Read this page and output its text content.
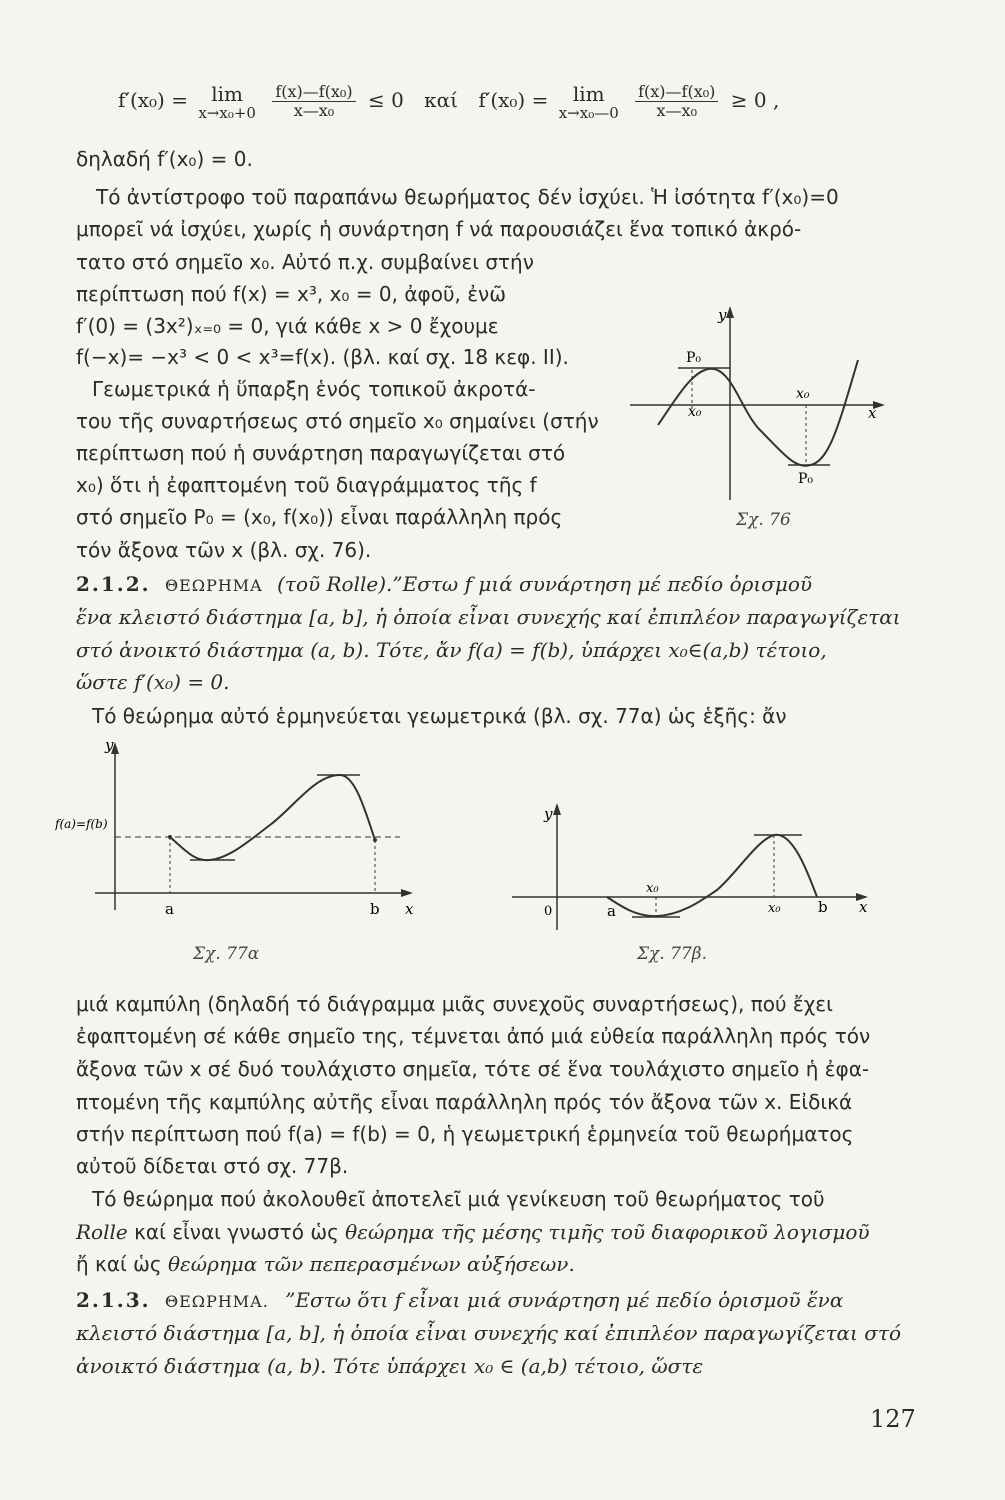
f′(x₀) =	lim
x→x₀+0
$\frac{\text{f(x)—f(x₀)}}{\text{x—x₀}} \le 0$ καί f′(x₀) =	lim
x→x₀—0
$\frac{\text{f(x)—f(x₀)}}{\text{x—x₀}} \ge 0$ ,
δηλαδή f′(x₀) = 0.
Τό ἀντίστροφο τοῦ παραπάνω θεωρήματος δέν ἰσχύει. Ἡ ἰσότητα f′(x₀)=0
μπορεῖ νά ἰσχύει, χωρίς ἡ συνάρτηση f νά παρουσιάζει ἕνα τοπικό ἀκρό-
τατο στό σημεῖο x₀. Αὐτό π.χ. συμβαίνει στήν
περίπτωση πού f(x) = x³, x₀ = 0, ἀφοῦ, ἐνῶ
f′(0) = (3x²)ₓ₌₀ = 0, γιά κάθε x > 0 ἔχουμε
f(−x)= −x³ < 0 < x³=f(x). (βλ. καί σχ. 18 κεφ. II).
Γεωμετρικά ἡ ὕπαρξη ἑνός τοπικοῦ ἀκροτά-
του τῆς συναρτήσεως στό σημεῖο x₀ σημαίνει (στήν
περίπτωση πού ἡ συνάρτηση παραγωγίζεται στό
x₀) ὅτι ἡ ἐφαπτομένη τοῦ διαγράμματος τῆς f
στό σημεῖο P₀ = (x₀, f(x₀)) εἶναι παράλληλη πρός
τόν ἄξονα τῶν x (βλ. σχ. 76).
y
x
P₀
P₀
x₀
x₀
Σχ. 76
2.1.2. ΘΕΩΡΗΜΑ (τοῦ Rolle).”Εστω f μιά συνάρτηση μέ πεδίο ὁρισμοῦ
ἕνα κλειστό διάστημα [a, b], ἡ ὁποία εἶναι συνεχής καί ἐπιπλέον παραγωγίζεται
στό ἀνοικτό διάστημα (a, b). Τότε, ἄν f(a) = f(b), ὑπάρχει x₀∈(a,b) τέτοιο,
ὥστε f′(x₀) = 0.
Τό θεώρημα αὐτό ἑρμηνεύεται γεωμετρικά (βλ. σχ. 77α) ὡς ἑξῆς: ἄν
y
f(a)=f(b)
a	b x
Σχ. 77α
y
0	a
x₀
x₀ b x
Σχ. 77β.
μιά καμπύλη (δηλαδή τό διάγραμμα μιᾶς συνεχοῦς συναρτήσεως), πού ἔχει
ἐφαπτομένη σέ κάθε σημεῖο της, τέμνεται ἀπό μιά εὐθεία παράλληλη πρός τόν
ἄξονα τῶν x σέ δυό τουλάχιστο σημεῖα, τότε σέ ἕνα τουλάχιστο σημεῖο ἡ ἐφα-
πτομένη τῆς καμπύλης αὐτῆς εἶναι παράλληλη πρός τόν ἄξονα τῶν x. Εἰδικά
στήν περίπτωση πού f(a) = f(b) = 0, ἡ γεωμετρική ἑρμηνεία τοῦ θεωρήματος
αὐτοῦ δίδεται στό σχ. 77β.
Τό θεώρημα πού ἀκολουθεῖ ἀποτελεῖ μιά γενίκευση τοῦ θεωρήματος τοῦ
Rolle καί εἶναι γνωστό ὡς θεώρημα τῆς μέσης τιμῆς τοῦ διαφορικοῦ λογισμοῦ
ἤ καί ὡς θεώρημα τῶν πεπερασμένων αὐξήσεων.
2.1.3. ΘΕΩΡΗΜΑ. ”Εστω ὅτι f εἶναι μιά συνάρτηση μέ πεδίο ὁρισμοῦ ἕνα
κλειστό διάστημα [a, b], ἡ ὁποία εἶναι συνεχής καί ἐπιπλέον παραγωγίζεται στό
ἀνοικτό διάστημα (a, b). Τότε ὑπάρχει x₀ ∈ (a,b) τέτοιο, ὥστε
127
